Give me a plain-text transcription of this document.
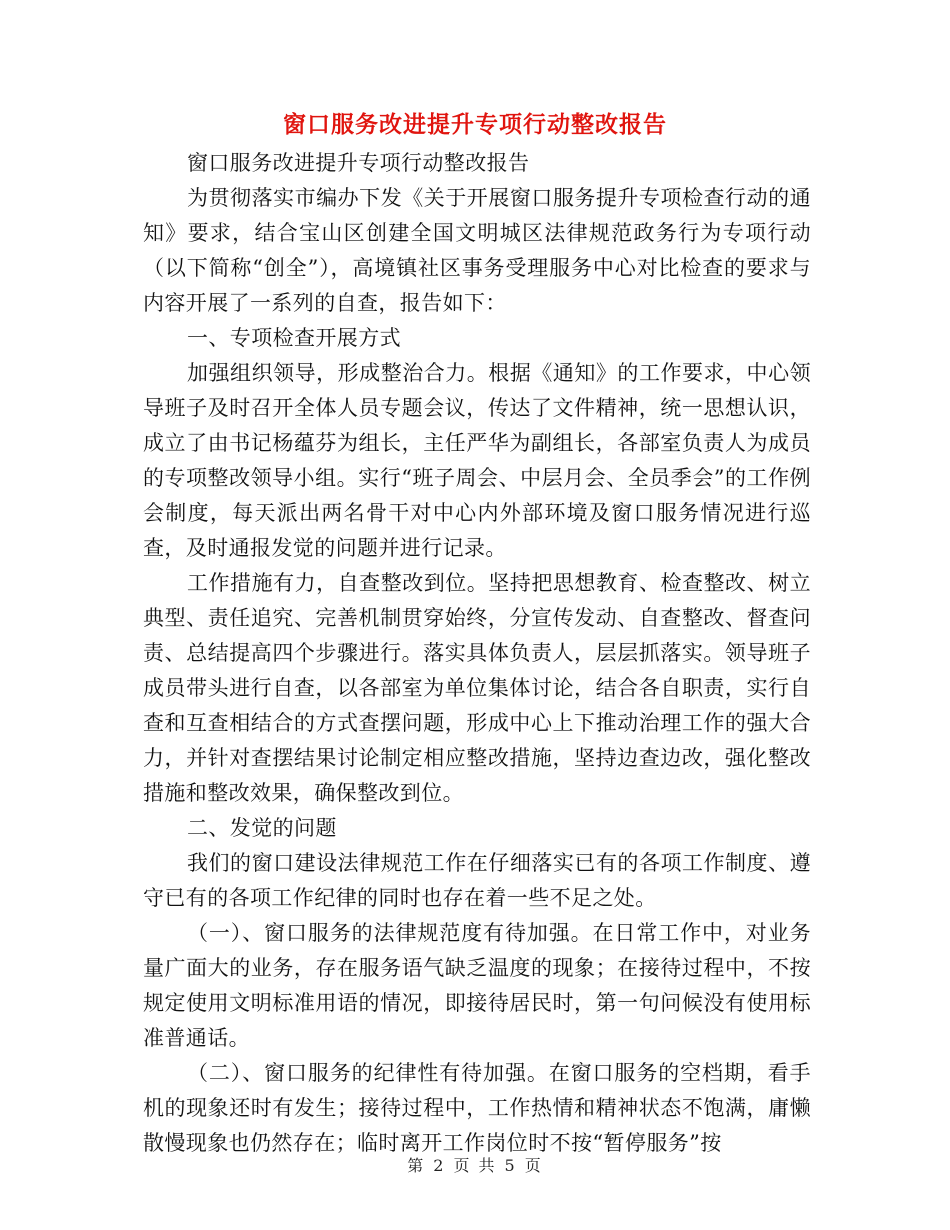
窗口服务改进提升专项行动整改报告

窗口服务改进提升专项行动整改报告

为贯彻落实市编办下发《关于开展窗口服务提升专项检查行动的通知》要求，结合宝山区创建全国文明城区法律规范政务行为专项行动（以下简称“创全”），高境镇社区事务受理服务中心对比检查的要求与内容开展了一系列的自查，报告如下：

一、专项检查开展方式

加强组织领导，形成整治合力。根据《通知》的工作要求，中心领导班子及时召开全体人员专题会议，传达了文件精神，统一思想认识，成立了由书记杨蕴芬为组长，主任严华为副组长，各部室负责人为成员的专项整改领导小组。实行“班子周会、中层月会、全员季会”的工作例会制度，每天派出两名骨干对中心内外部环境及窗口服务情况进行巡查，及时通报发觉的问题并进行记录。

工作措施有力，自查整改到位。坚持把思想教育、检查整改、树立典型、责任追究、完善机制贯穿始终，分宣传发动、自查整改、督查问责、总结提高四个步骤进行。落实具体负责人，层层抓落实。领导班子成员带头进行自查，以各部室为单位集体讨论，结合各自职责，实行自查和互查相结合的方式查摆问题，形成中心上下推动治理工作的强大合力，并针对查摆结果讨论制定相应整改措施，坚持边查边改，强化整改措施和整改效果，确保整改到位。

二、发觉的问题

我们的窗口建设法律规范工作在仔细落实已有的各项工作制度、遵守已有的各项工作纪律的同时也存在着一些不足之处。

（一）、窗口服务的法律规范度有待加强。在日常工作中，对业务量广面大的业务，存在服务语气缺乏温度的现象；在接待过程中，不按规定使用文明标准用语的情况，即接待居民时，第一句问候没有使用标准普通话。

（二）、窗口服务的纪律性有待加强。在窗口服务的空档期，看手机的现象还时有发生；接待过程中，工作热情和精神状态不饱满，庸懒散慢现象也仍然存在；临时离开工作岗位时不按“暂停服务”按

第 2 页 共 5 页
